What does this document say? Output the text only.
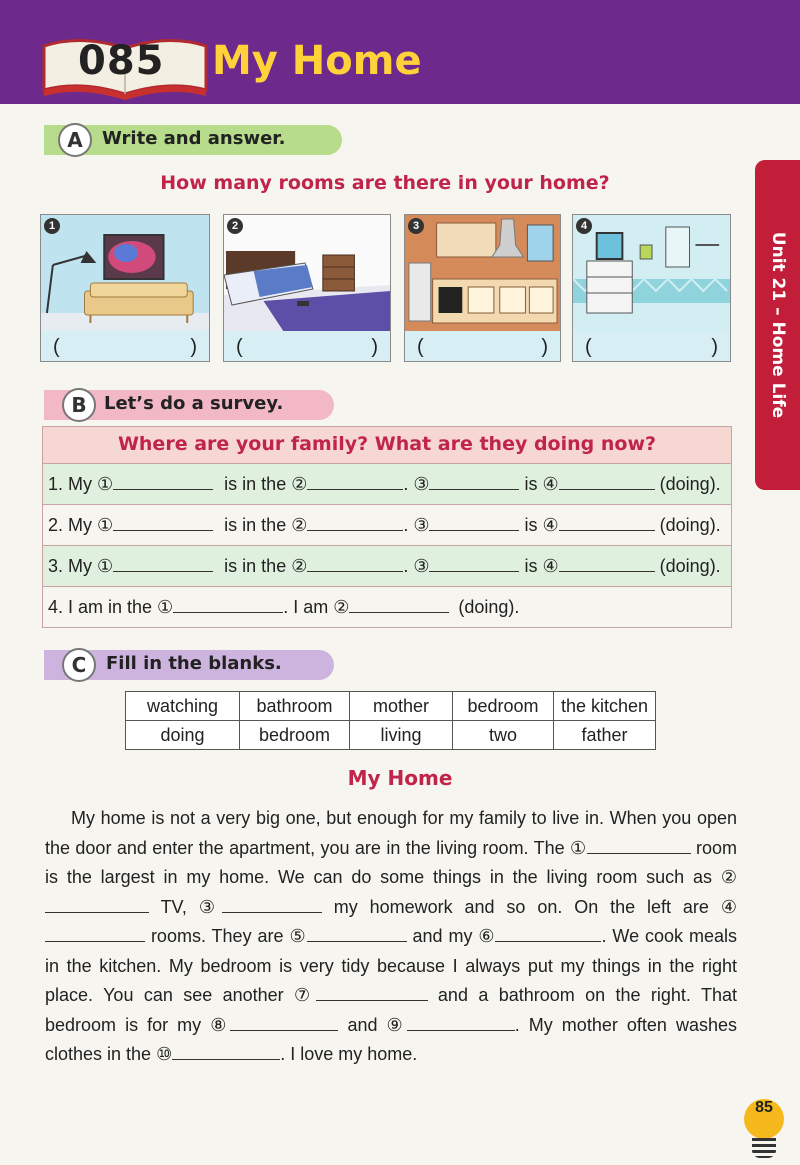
085 My Home
Unit 21 – Home Life
A	Write and answer.
How many rooms are there in your home?
1
(	)
2
(	)
3
(	)
4
(	)
B Let’s do a survey.
Where are your family? What are they doing now?
1. My ①	is in the ②	. ③	is ④	(doing).
2. My ①	is in the ②	. ③	is ④	(doing).
3. My ①	is in the ②	. ③	is ④	(doing).
4. I am in the ①	. I am ②	(doing).
C	Fill in the blanks.
watching	bathroom	mother	bedroom	the kitchen
doing	bedroom	living	two	father
My Home
My home is not a very big one, but enough for my family to live in. When you open the door and enter the apartment, you are in the living room. The ①	room is the largest in my home. We can do some things in the living room such as ② TV, ③	my homework and so on. On the left are ④ rooms. They are ⑤	and my ⑥	. We cook meals in the kitchen. My bedroom is very tidy because I always put my things in the right place. You can see another ⑦	and a bathroom on the right. That bedroom is for my ⑧	and ⑨	. My mother often washes clothes in the ⑩	. I love my home.
85
